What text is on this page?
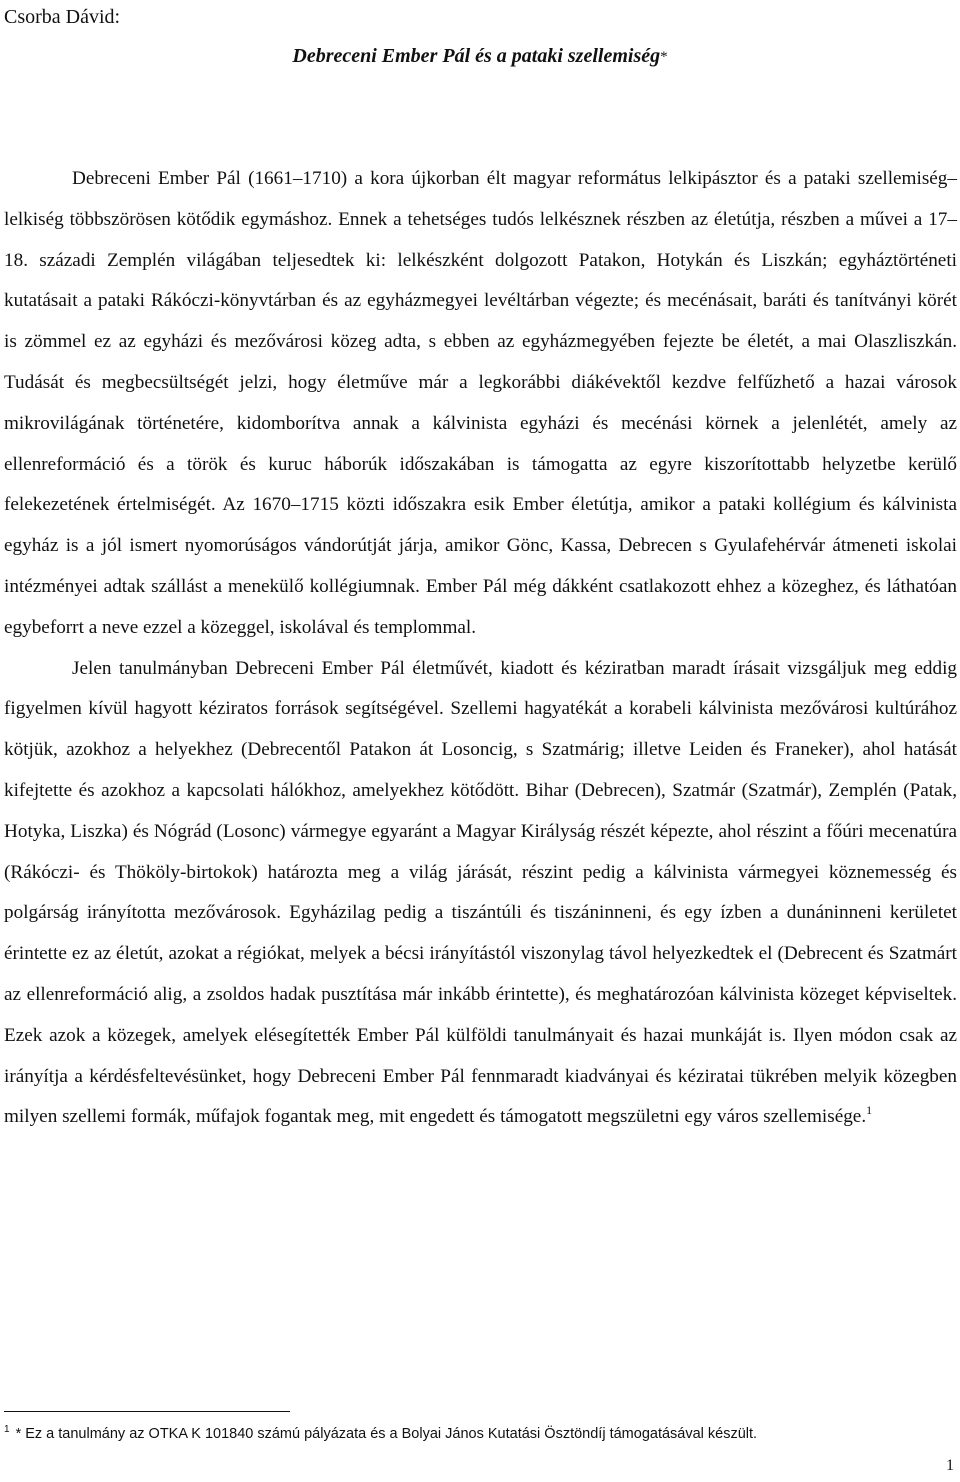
Csorba Dávid:
Debreceni Ember Pál és a pataki szellemiség*

Debreceni Ember Pál (1661–1710) a kora újkorban élt magyar református lelkipásztor és a pataki szellemiség–lelkiség többszörösen kötődik egymáshoz. Ennek a tehetséges tudós lelkésznek részben az életútja, részben a művei a 17–18. századi Zemplén világában teljesedtek ki: lelkészként dolgozott Patakon, Hotykán és Liszkán; egyháztörténeti kutatásait a pataki Rákóczi-könyvtárban és az egyházmegyei levéltárban végezte; és mecénásait, baráti és tanítványi körét is zömmel ez az egyházi és mezővárosi közeg adta, s ebben az egyházmegyében fejezte be életét, a mai Olaszliszkán. Tudását és megbecsültségét jelzi, hogy életműve már a legkorábbi diákévektől kezdve felfűzhető a hazai városok mikrovilágának történetére, kidomborítva annak a kálvinista egyházi és mecénási körnek a jelenlétét, amely az ellenreformáció és a török és kuruc háborúk időszakában is támogatta az egyre kiszorítottabb helyzetbe kerülő felekezetének értelmiségét. Az 1670–1715 közti időszakra esik Ember életútja, amikor a pataki kollégium és kálvinista egyház is a jól ismert nyomorúságos vándorútját járja, amikor Gönc, Kassa, Debrecen s Gyulafehérvár átmeneti iskolai intézményei adtak szállást a menekülő kollégiumnak. Ember Pál még dákként csatlakozott ehhez a közeghez, és láthatóan egybeforrt a neve ezzel a közeggel, iskolával és templommal.

Jelen tanulmányban Debreceni Ember Pál életművét, kiadott és kéziratban maradt írásait vizsgáljuk meg eddig figyelmen kívül hagyott kéziratos források segítségével. Szellemi hagyatékát a korabeli kálvinista mezővárosi kultúrához kötjük, azokhoz a helyekhez (Debrecentől Patakon át Losoncig, s Szatmárig; illetve Leiden és Franeker), ahol hatását kifejtette és azokhoz a kapcsolati hálókhoz, amelyekhez kötődött. Bihar (Debrecen), Szatmár (Szatmár), Zemplén (Patak, Hotyka, Liszka) és Nógrád (Losonc) vármegye egyaránt a Magyar Királyság részét képezte, ahol részint a főúri mecenatúra (Rákóczi- és Thököly-birtokok) határozta meg a világ járását, részint pedig a kálvinista vármegyei köznemesség és polgárság irányította mezővárosok. Egyházilag pedig a tiszántúli és tiszáninneni, és egy ízben a dunáninneni kerületet érintette ez az életút, azokat a régiókat, melyek a bécsi irányítástól viszonylag távol helyezkedtek el (Debrecent és Szatmárt az ellenreformáció alig, a zsoldos hadak pusztítása már inkább érintette), és meghatározóan kálvinista közeget képviseltek. Ezek azok a közegek, amelyek elésegítették Ember Pál külföldi tanulmányait és hazai munkáját is. Ilyen módon csak az irányítja a kérdésfeltevésünket, hogy Debreceni Ember Pál fennmaradt kiadványai és kéziratai tükrében melyik közegben milyen szellemi formák, műfajok fogantak meg, mit engedett és támogatott megszületni egy város szellemisége.$^1$

$^1$ * Ez a tanulmány az OTKA K 101840 számú pályázata és a Bolyai János Kutatási Ösztöndíj támogatásával készült.
1
